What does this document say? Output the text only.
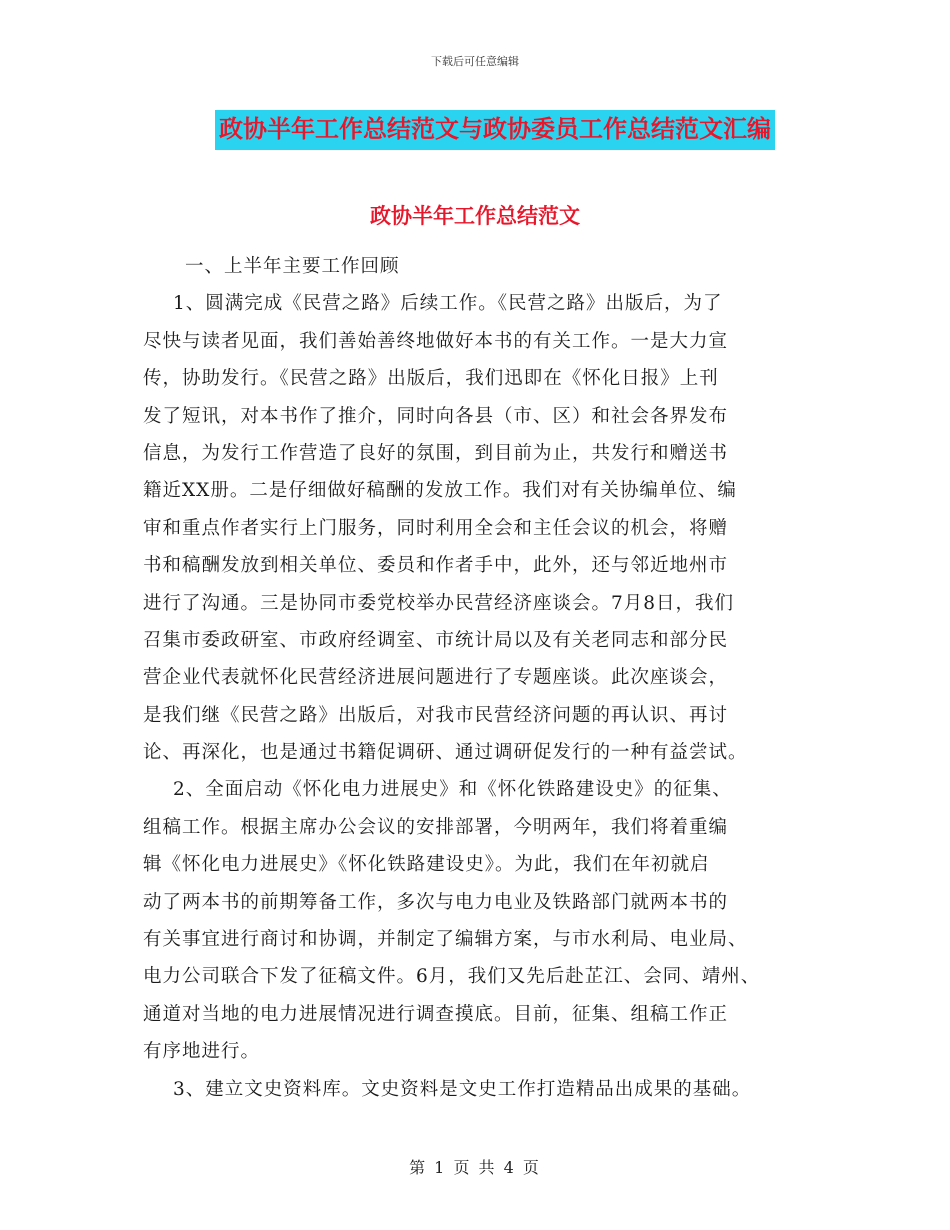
下载后可任意编辑
政协半年工作总结范文与政协委员工作总结范文汇编
政协半年工作总结范文
一、上半年主要工作回顾
1、圆满完成《民营之路》后续工作。《民营之路》出版后，为了
尽快与读者见面，我们善始善终地做好本书的有关工作。一是大力宣
传，协助发行。《民营之路》出版后，我们迅即在《怀化日报》上刊
发了短讯，对本书作了推介，同时向各县（市、区）和社会各界发布
信息，为发行工作营造了良好的氛围，到目前为止，共发行和赠送书
籍近XX册。二是仔细做好稿酬的发放工作。我们对有关协编单位、编
审和重点作者实行上门服务，同时利用全会和主任会议的机会，将赠
书和稿酬发放到相关单位、委员和作者手中，此外，还与邻近地州市
进行了沟通。三是协同市委党校举办民营经济座谈会。7月8日，我们
召集市委政研室、市政府经调室、市统计局以及有关老同志和部分民
营企业代表就怀化民营经济进展问题进行了专题座谈。此次座谈会，
是我们继《民营之路》出版后，对我市民营经济问题的再认识、再讨
论、再深化，也是通过书籍促调研、通过调研促发行的一种有益尝试。
2、全面启动《怀化电力进展史》和《怀化铁路建设史》的征集、
组稿工作。根据主席办公会议的安排部署，今明两年，我们将着重编
辑《怀化电力进展史》《怀化铁路建设史》。为此，我们在年初就启
动了两本书的前期筹备工作，多次与电力电业及铁路部门就两本书的
有关事宜进行商讨和协调，并制定了编辑方案，与市水利局、电业局、
电力公司联合下发了征稿文件。6月，我们又先后赴芷江、会同、靖州、
通道对当地的电力进展情况进行调查摸底。目前，征集、组稿工作正
有序地进行。
3、建立文史资料库。文史资料是文史工作打造精品出成果的基础。
第 1 页 共 4 页
